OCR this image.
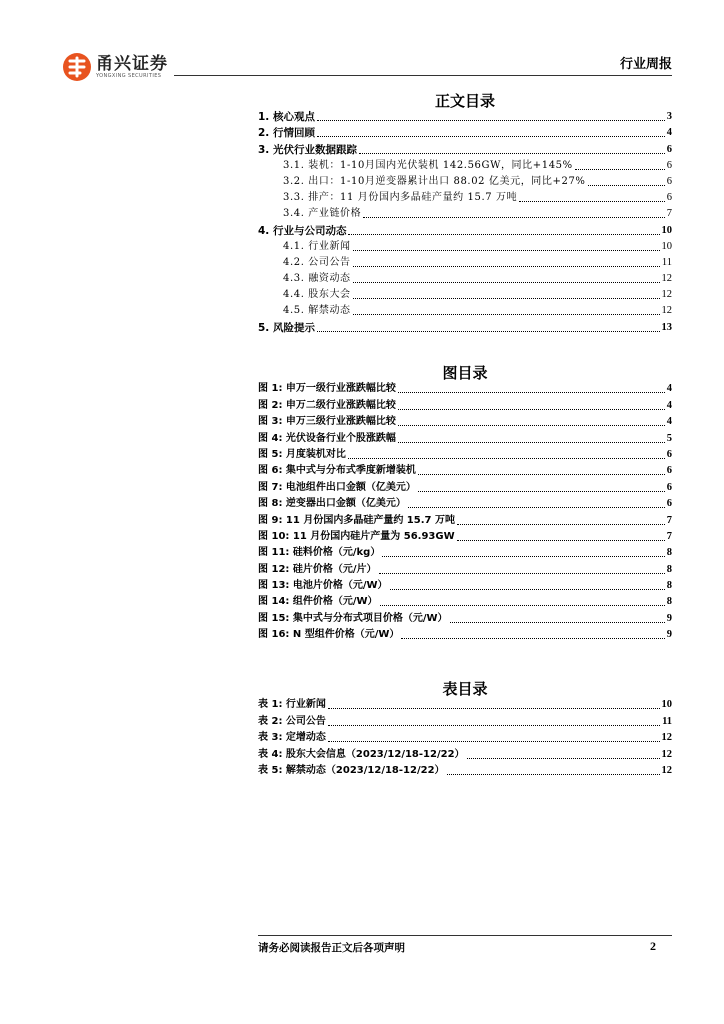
甬兴证券
YONGXING SECURITIES
行业周报
正文目录
1. 核心观点	3
2. 行情回顾	4
3. 光伏行业数据跟踪	6
3.1. 装机：1-10月国内光伏装机 142.56GW，同比+145%	6
3.2. 出口：1-10月逆变器累计出口 88.02 亿美元，同比+27%	6
3.3. 排产：11 月份国内多晶硅产量约 15.7 万吨	6
3.4. 产业链价格	7
4. 行业与公司动态	10
4.1. 行业新闻	10
4.2. 公司公告	11
4.3. 融资动态	12
4.4. 股东大会	12
4.5. 解禁动态	12
5. 风险提示	13
图目录
图 1: 申万一级行业涨跌幅比较	4
图 2: 申万二级行业涨跌幅比较	4
图 3: 申万三级行业涨跌幅比较	4
图 4: 光伏设备行业个股涨跌幅	5
图 5: 月度装机对比	6
图 6: 集中式与分布式季度新增装机	6
图 7: 电池组件出口金额（亿美元）	6
图 8: 逆变器出口金额（亿美元）	6
图 9: 11 月份国内多晶硅产量约 15.7 万吨	7
图 10: 11 月份国内硅片产量为 56.93GW	7
图 11: 硅料价格（元/kg）	8
图 12: 硅片价格（元/片）	8
图 13: 电池片价格（元/W）	8
图 14: 组件价格（元/W）	8
图 15: 集中式与分布式项目价格（元/W）	9
图 16: N 型组件价格（元/W）	9
表目录
表 1: 行业新闻	10
表 2: 公司公告	11
表 3: 定增动态	12
表 4: 股东大会信息（2023/12/18-12/22）	12
表 5: 解禁动态（2023/12/18-12/22）	12
请务必阅读报告正文后各项声明	2
